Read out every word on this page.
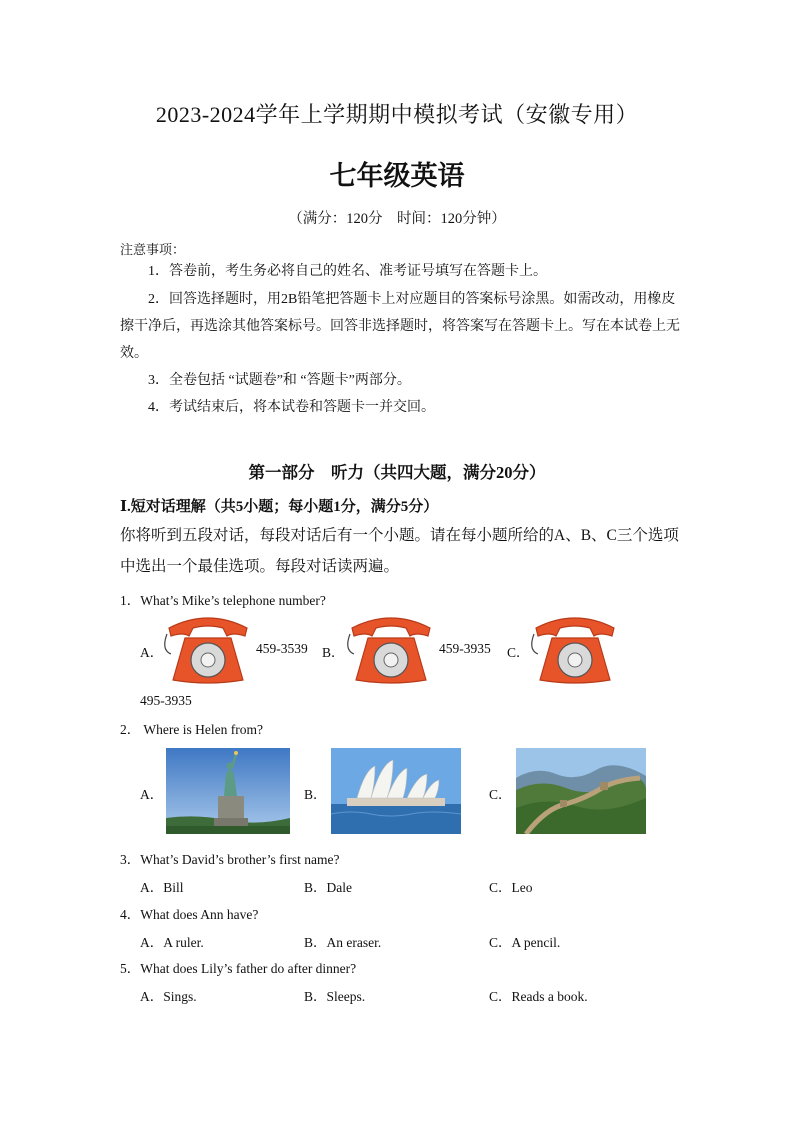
2023-2024学年上学期期中模拟考试（安徽专用）
七年级英语
（满分：120分　时间：120分钟）
注意事项：
1．答卷前，考生务必将自己的姓名、准考证号填写在答题卡上。
2．回答选择题时，用2B铅笔把答题卡上对应题目的答案标号涂黑。如需改动，用橡皮擦干净后，再选涂其他答案标号。回答非选择题时，将答案写在答题卡上。写在本试卷上无效。
3．全卷包括 “试题卷”和 “答题卡”两部分。
4．考试结束后，将本试卷和答题卡一并交回。
第一部分　听力（共四大题，满分20分）
Ⅰ.短对话理解（共5小题；每小题1分，满分5分）
你将听到五段对话，每段对话后有一个小题。请在每小题所给的A、B、C三个选项中选出一个最佳选项。每段对话读两遍。
1．What’s Mike’s telephone number?
A．	459-3539 B．	459-3935 C．
495-3935
2． Where is Helen from?
A．	B．	C．
3．What’s David’s brother’s first name?
A．Bill	B．Dale	C．Leo
4．What does Ann have?
A．A ruler.	B．An eraser.	C．A pencil.
5．What does Lily’s father do after dinner?
A．Sings.	B．Sleeps.	C．Reads a book.
